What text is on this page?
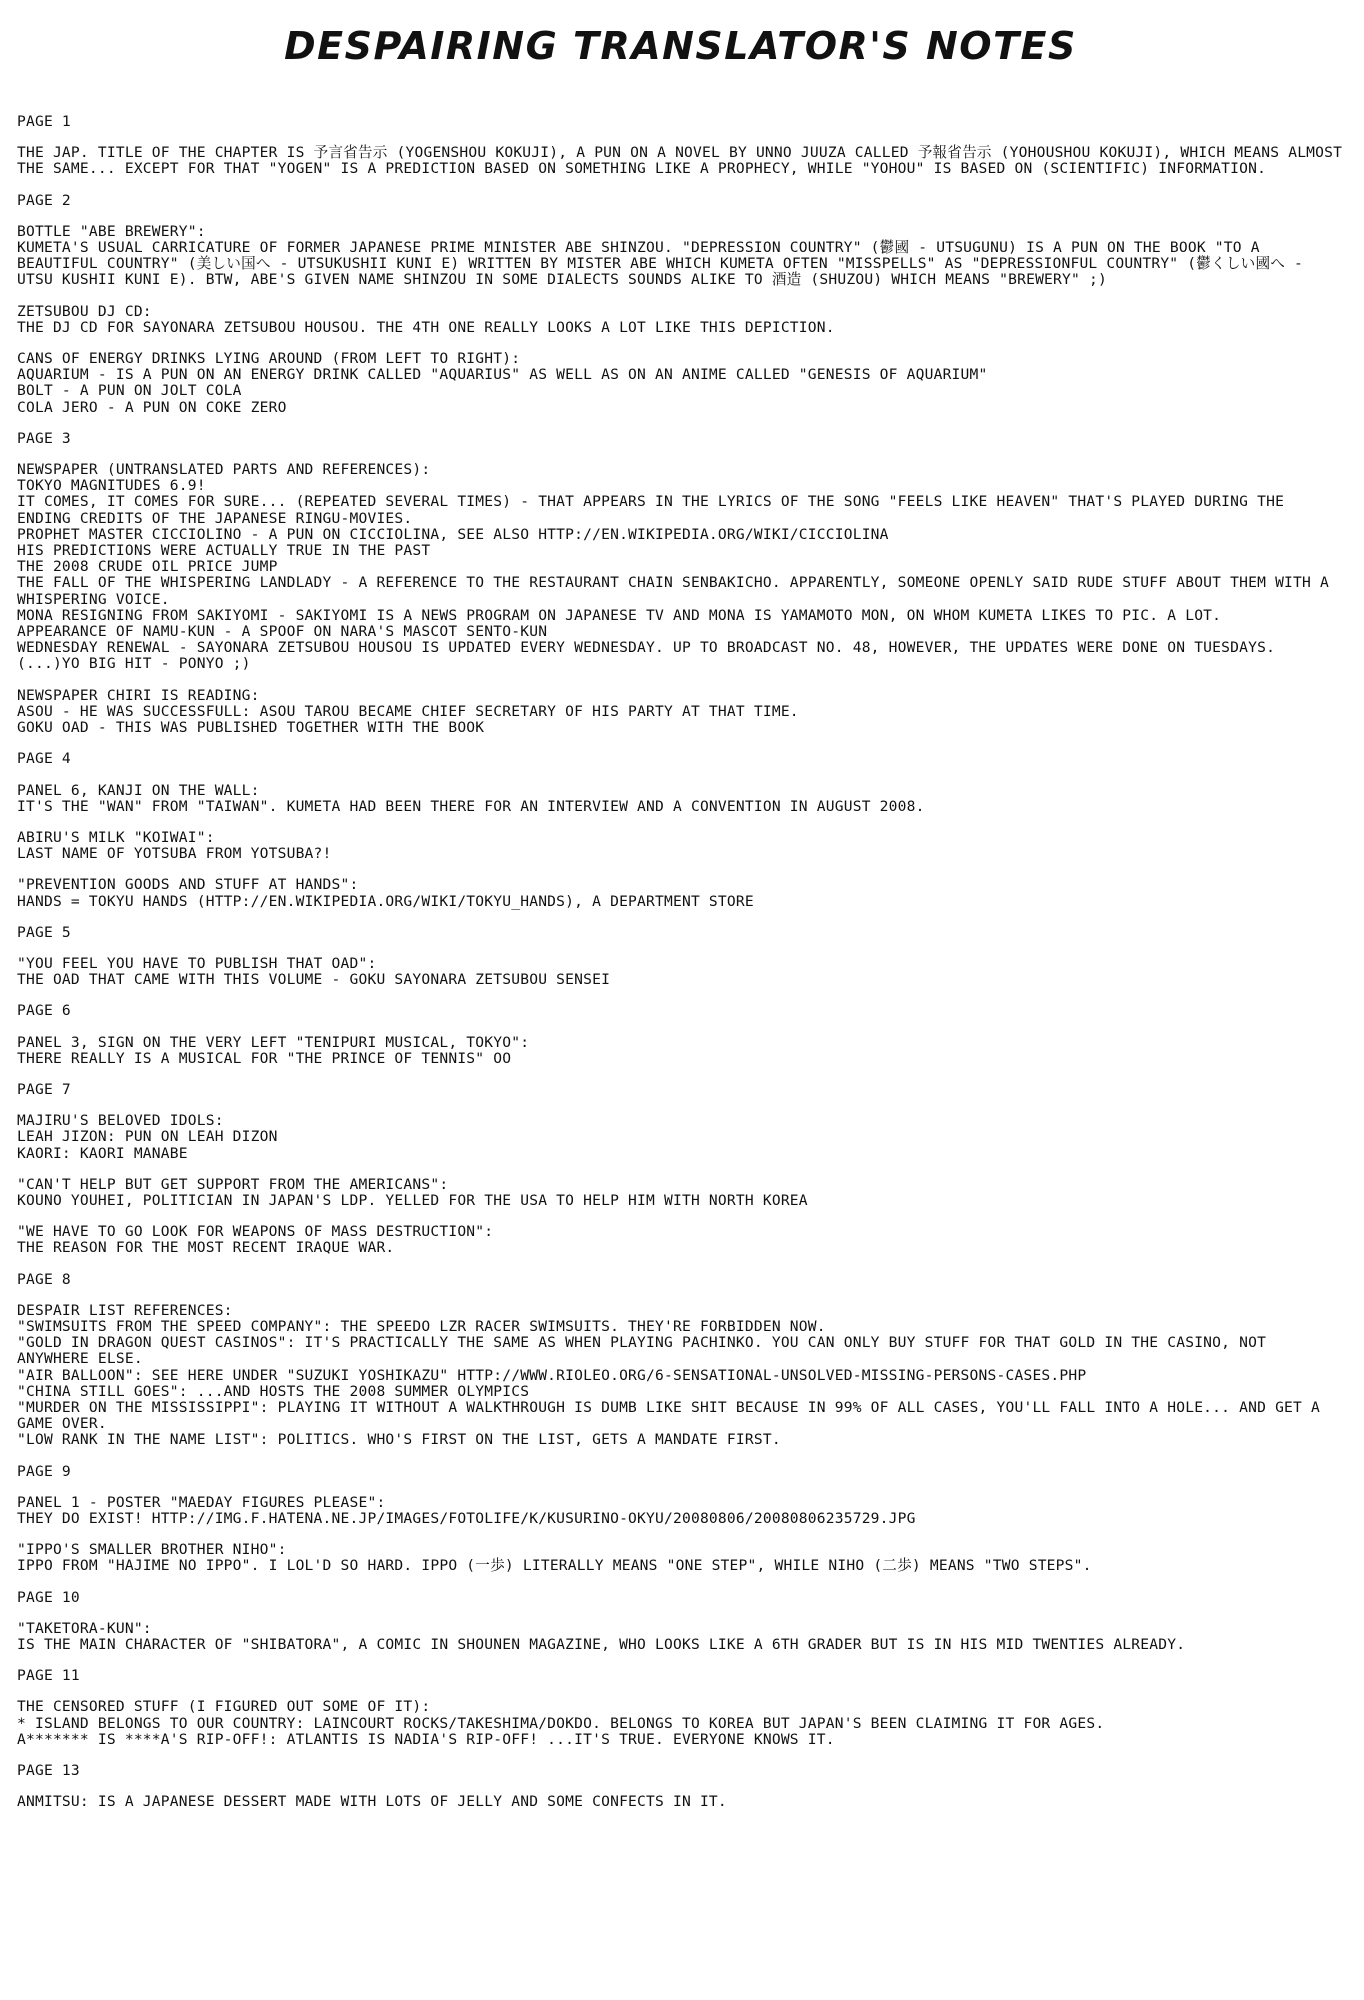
DESPAIRING TRANSLATOR'S NOTES
PAGE 1
THE JAP. TITLE OF THE CHAPTER IS 予言省告示 (YOGENSHOU KOKUJI), A PUN ON A NOVEL BY UNNO JUUZA CALLED 予報省告示 (YOHOUSHOU KOKUJI), WHICH MEANS ALMOST THE SAME... EXCEPT FOR THAT "YOGEN" IS A PREDICTION BASED ON SOMETHING LIKE A PROPHECY, WHILE "YOHOU" IS BASED ON (SCIENTIFIC) INFORMATION.
PAGE 2
BOTTLE "ABE BREWERY":
KUMETA'S USUAL CARRICATURE OF FORMER JAPANESE PRIME MINISTER ABE SHINZOU. "DEPRESSION COUNTRY" (鬱國 - UTSUGUNU) IS A PUN ON THE BOOK "TO A BEAUTIFUL COUNTRY" (美しい国へ - UTSUKUSHII KUNI E) WRITTEN BY MISTER ABE WHICH KUMETA OFTEN "MISSPELLS" AS "DEPRESSIONFUL COUNTRY" (鬱くしい國へ - UTSU KUSHII KUNI E). BTW, ABE'S GIVEN NAME SHINZOU IN SOME DIALECTS SOUNDS ALIKE TO 酒造 (SHUZOU) WHICH MEANS "BREWERY" ;)
ZETSUBOU DJ CD:
THE DJ CD FOR SAYONARA ZETSUBOU HOUSOU. THE 4TH ONE REALLY LOOKS A LOT LIKE THIS DEPICTION.
CANS OF ENERGY DRINKS LYING AROUND (FROM LEFT TO RIGHT):
AQUARIUM - IS A PUN ON AN ENERGY DRINK CALLED "AQUARIUS" AS WELL AS ON AN ANIME CALLED "GENESIS OF AQUARIUM"
BOLT - A PUN ON JOLT COLA
COLA JERO - A PUN ON COKE ZERO
PAGE 3
NEWSPAPER (UNTRANSLATED PARTS AND REFERENCES):
TOKYO MAGNITUDES 6.9!
IT COMES, IT COMES FOR SURE... (REPEATED SEVERAL TIMES) - THAT APPEARS IN THE LYRICS OF THE SONG "FEELS LIKE HEAVEN" THAT'S PLAYED DURING THE ENDING CREDITS OF THE JAPANESE RINGU-MOVIES.
PROPHET MASTER CICCIOLINO - A PUN ON CICCIOLINA, SEE ALSO HTTP://EN.WIKIPEDIA.ORG/WIKI/CICCIOLINA
HIS PREDICTIONS WERE ACTUALLY TRUE IN THE PAST
THE 2008 CRUDE OIL PRICE JUMP
THE FALL OF THE WHISPERING LANDLADY - A REFERENCE TO THE RESTAURANT CHAIN SENBAKICHO. APPARENTLY, SOMEONE OPENLY SAID RUDE STUFF ABOUT THEM WITH A WHISPERING VOICE.
MONA RESIGNING FROM SAKIYOMI - SAKIYOMI IS A NEWS PROGRAM ON JAPANESE TV AND MONA IS YAMAMOTO MON, ON WHOM KUMETA LIKES TO PIC. A LOT.
APPEARANCE OF NAMU-KUN - A SPOOF ON NARA'S MASCOT SENTO-KUN
WEDNESDAY RENEWAL - SAYONARA ZETSUBOU HOUSOU IS UPDATED EVERY WEDNESDAY. UP TO BROADCAST NO. 48, HOWEVER, THE UPDATES WERE DONE ON TUESDAYS.
(...)YO BIG HIT - PONYO ;)
NEWSPAPER CHIRI IS READING:
ASOU - HE WAS SUCCESSFULL: ASOU TAROU BECAME CHIEF SECRETARY OF HIS PARTY AT THAT TIME.
GOKU OAD - THIS WAS PUBLISHED TOGETHER WITH THE BOOK
PAGE 4
PANEL 6, KANJI ON THE WALL:
IT'S THE "WAN" FROM "TAIWAN". KUMETA HAD BEEN THERE FOR AN INTERVIEW AND A CONVENTION IN AUGUST 2008.
ABIRU'S MILK "KOIWAI":
LAST NAME OF YOTSUBA FROM YOTSUBA?!
"PREVENTION GOODS AND STUFF AT HANDS":
HANDS = TOKYU HANDS (HTTP://EN.WIKIPEDIA.ORG/WIKI/TOKYU_HANDS), A DEPARTMENT STORE
PAGE 5
"YOU FEEL YOU HAVE TO PUBLISH THAT OAD":
THE OAD THAT CAME WITH THIS VOLUME - GOKU SAYONARA ZETSUBOU SENSEI
PAGE 6
PANEL 3, SIGN ON THE VERY LEFT "TENIPURI MUSICAL, TOKYO":
THERE REALLY IS A MUSICAL FOR "THE PRINCE OF TENNIS" OO
PAGE 7
MAJIRU'S BELOVED IDOLS:
LEAH JIZON: PUN ON LEAH DIZON
KAORI: KAORI MANABE
"CAN'T HELP BUT GET SUPPORT FROM THE AMERICANS":
KOUNO YOUHEI, POLITICIAN IN JAPAN'S LDP. YELLED FOR THE USA TO HELP HIM WITH NORTH KOREA
"WE HAVE TO GO LOOK FOR WEAPONS OF MASS DESTRUCTION":
THE REASON FOR THE MOST RECENT IRAQUE WAR.
PAGE 8
DESPAIR LIST REFERENCES:
"SWIMSUITS FROM THE SPEED COMPANY": THE SPEEDO LZR RACER SWIMSUITS. THEY'RE FORBIDDEN NOW.
"GOLD IN DRAGON QUEST CASINOS": IT'S PRACTICALLY THE SAME AS WHEN PLAYING PACHINKO. YOU CAN ONLY BUY STUFF FOR THAT GOLD IN THE CASINO, NOT ANYWHERE ELSE.
"AIR BALLOON": SEE HERE UNDER "SUZUKI YOSHIKAZU" HTTP://WWW.RIOLEO.ORG/6-SENSATIONAL-UNSOLVED-MISSING-PERSONS-CASES.PHP
"CHINA STILL GOES": ...AND HOSTS THE 2008 SUMMER OLYMPICS
"MURDER ON THE MISSISSIPPI": PLAYING IT WITHOUT A WALKTHROUGH IS DUMB LIKE SHIT BECAUSE IN 99% OF ALL CASES, YOU'LL FALL INTO A HOLE... AND GET A GAME OVER.
"LOW RANK IN THE NAME LIST": POLITICS. WHO'S FIRST ON THE LIST, GETS A MANDATE FIRST.
PAGE 9
PANEL 1 - POSTER "MAEDAY FIGURES PLEASE":
THEY DO EXIST! HTTP://IMG.F.HATENA.NE.JP/IMAGES/FOTOLIFE/K/KUSURINO-OKYU/20080806/20080806235729.JPG
"IPPO'S SMALLER BROTHER NIHO":
IPPO FROM "HAJIME NO IPPO". I LOL'D SO HARD. IPPO (一歩) LITERALLY MEANS "ONE STEP", WHILE NIHO (二歩) MEANS "TWO STEPS".
PAGE 10
"TAKETORA-KUN":
IS THE MAIN CHARACTER OF "SHIBATORA", A COMIC IN SHOUNEN MAGAZINE, WHO LOOKS LIKE A 6TH GRADER BUT IS IN HIS MID TWENTIES ALREADY.
PAGE 11
THE CENSORED STUFF (I FIGURED OUT SOME OF IT):
* ISLAND BELONGS TO OUR COUNTRY: LAINCOURT ROCKS/TAKESHIMA/DOKDO. BELONGS TO KOREA BUT JAPAN'S BEEN CLAIMING IT FOR AGES.
A******* IS ****A'S RIP-OFF!: ATLANTIS IS NADIA'S RIP-OFF! ...IT'S TRUE. EVERYONE KNOWS IT.
PAGE 13
ANMITSU: IS A JAPANESE DESSERT MADE WITH LOTS OF JELLY AND SOME CONFECTS IN IT.
